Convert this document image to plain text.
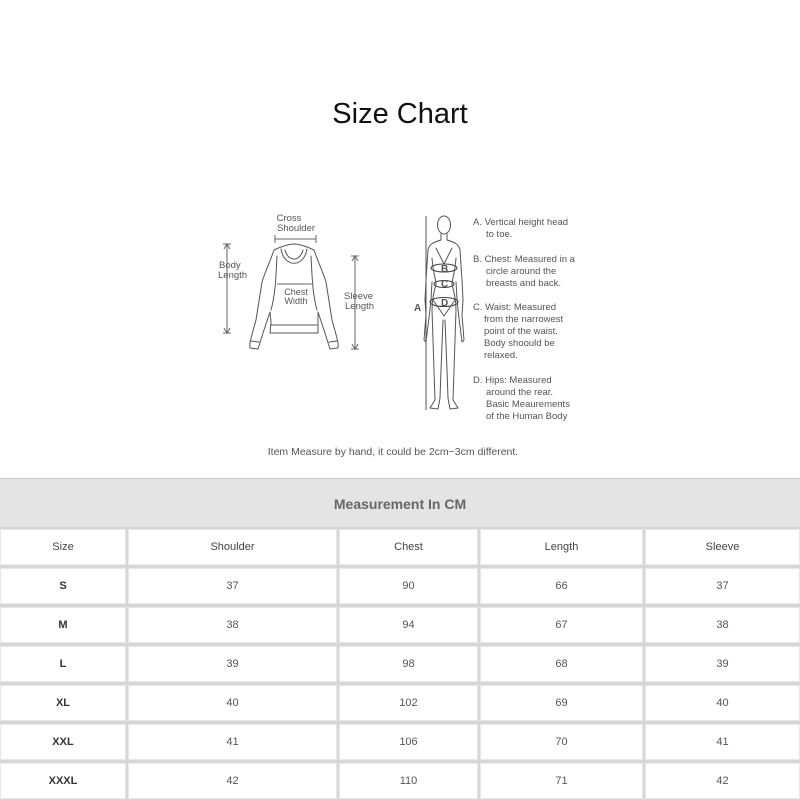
Size Chart
Cross
Shoulder
Body
Length
Chest
Width	Sleeve
Length	A
B
C
D
A. Vertical height head
to toe.
B. Chest: Measured in a
circle around the
breasts and back.
C. Waist: Measured
from the narrowest
point of the waist.
Body shoould be
relaxed.
D. Hips: Measured
around the rear.
Basic Meaurements
of the Human Body
Item Measure by hand, it could be 2cm~3cm different.
Measurement In CM
Size	Shoulder	Chest	Length	Sleeve
S	37	90	66	37
M	38	94	67	38
L	39	98	68	39
XL	40	102	69	40
XXL	41	106	70	41
XXXL	42	110	71	42
